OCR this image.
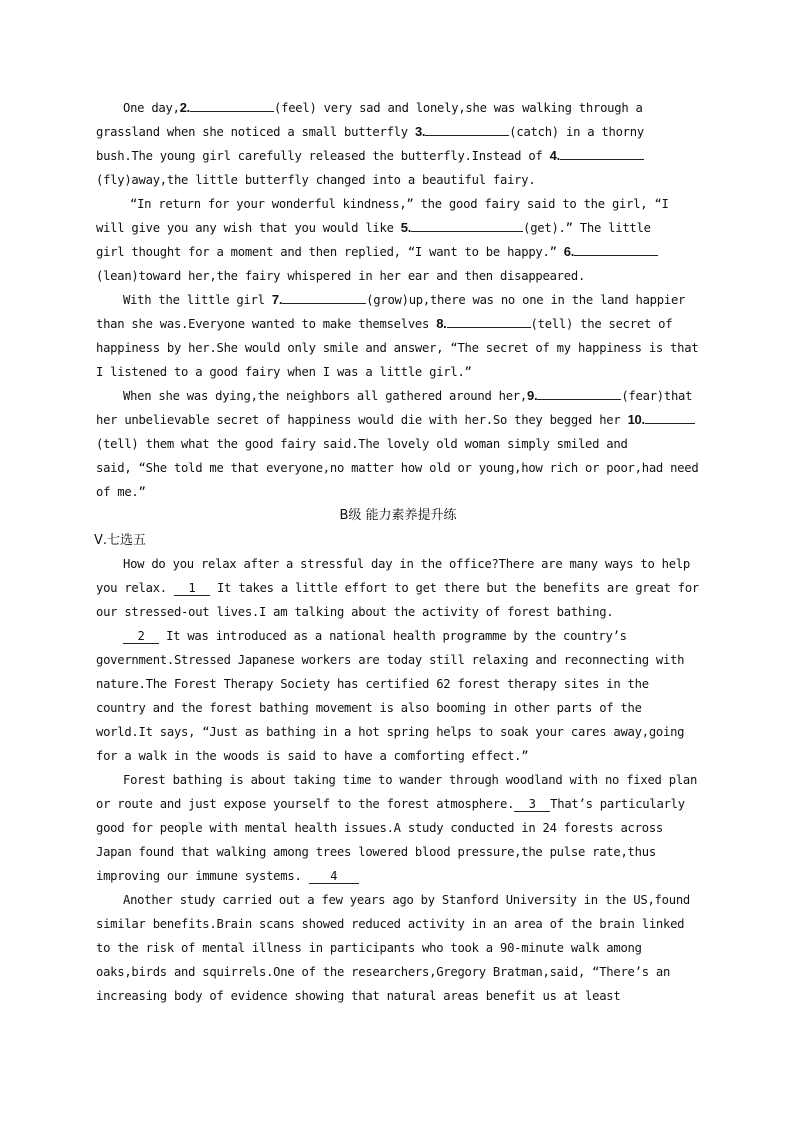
One day,2.	(feel) very sad and lonely,she was walking through a
grassland when she noticed a small butterfly 3.	(catch) in a thorny
bush.The young girl carefully released the butterfly.Instead of 4.
(fly)away,the little butterfly changed into a beautiful fairy.
“In return for your wonderful kindness,” the good fairy said to the girl, “I
will give you any wish that you would like 5.	(get).” The little
girl thought for a moment and then replied, “I want to be happy.” 6.
(lean)toward her,the fairy whispered in her ear and then disappeared.
With the little girl 7.	(grow)up,there was no one in the land happier
than she was.Everyone wanted to make themselves 8.	(tell) the secret of
happiness by her.She would only smile and answer, “The secret of my happiness is that
I listened to a good fairy when I was a little girl.”
When she was dying,the neighbors all gathered around her,9.	(fear)that
her unbelievable secret of happiness would die with her.So they begged her 10.
(tell) them what the good fairy said.The lovely old woman simply smiled and
said, “She told me that everyone,no matter how old or young,how rich or poor,had need
of me.”
B级 能力素养提升练
Ⅴ.七选五
How do you relax after a stressful day in the office?There are many ways to help
you relax. 1 It takes a little effort to get there but the benefits are great for
our stressed-out lives.I am talking about the activity of forest bathing.
2 It was introduced as a national health programme by the country’s
government.Stressed Japanese workers are today still relaxing and reconnecting with
nature.The Forest Therapy Society has certified 62 forest therapy sites in the
country and the forest bathing movement is also booming in other parts of the
world.It says, “Just as bathing in a hot spring helps to soak your cares away,going
for a walk in the woods is said to have a comforting effect.”
Forest bathing is about taking time to wander through woodland with no fixed plan
or route and just expose yourself to the forest atmosphere. 3 That’s particularly
good for people with mental health issues.A study conducted in 24 forests across
Japan found that walking among trees lowered blood pressure,the pulse rate,thus
improving our immune systems. 4
Another study carried out a few years ago by Stanford University in the US,found
similar benefits.Brain scans showed reduced activity in an area of the brain linked
to the risk of mental illness in participants who took a 90-minute walk among
oaks,birds and squirrels.One of the researchers,Gregory Bratman,said, “There’s an
increasing body of evidence showing that natural areas benefit us at least
